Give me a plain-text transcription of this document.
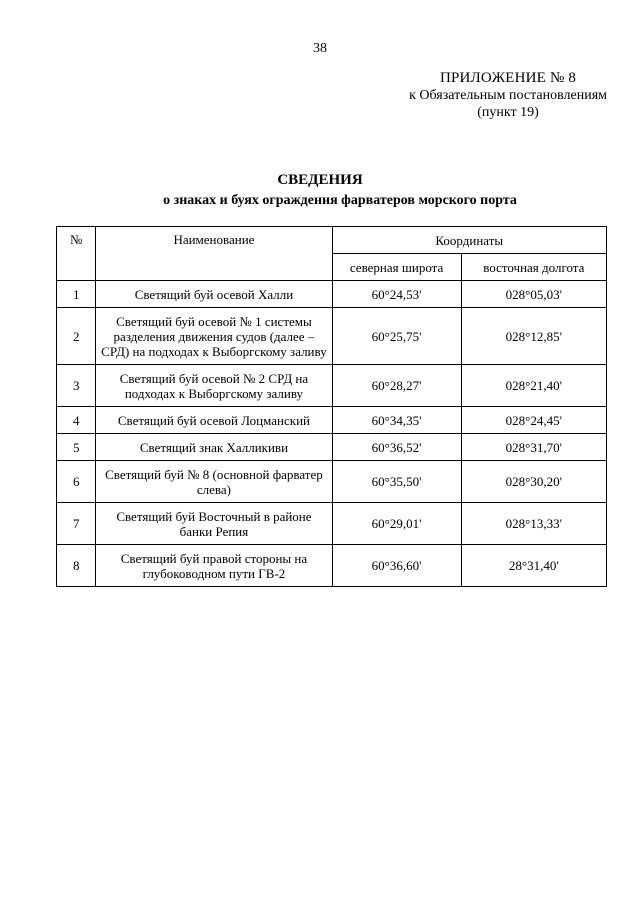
38
ПРИЛОЖЕНИЕ № 8
к Обязательным постановлениям
(пункт 19)
СВЕДЕНИЯ
о знаках и буях ограждения фарватеров морского порта
№	Наименование	Координаты	
		северная широта	восточная долгота
1	Светящий буй осевой Халли	60°24,53'	028°05,03'
2	Светящий буй осевой № 1 системы разделения движения судов (далее – СРД) на подходах к Выборгскому заливу	60°25,75'	028°12,85'
3	Светящий буй осевой № 2 СРД на подходах к Выборгскому заливу	60°28,27'	028°21,40'
4	Светящий буй осевой Лоцманский	60°34,35'	028°24,45'
5	Светящий знак Халликиви	60°36,52'	028°31,70'
6	Светящий буй № 8 (основной фарватер слева)	60°35,50'	028°30,20'
7	Светящий буй Восточный в районе банки Репия	60°29,01'	028°13,33'
8	Светящий буй правой стороны на глубоководном пути ГВ-2	60°36,60'	28°31,40'
